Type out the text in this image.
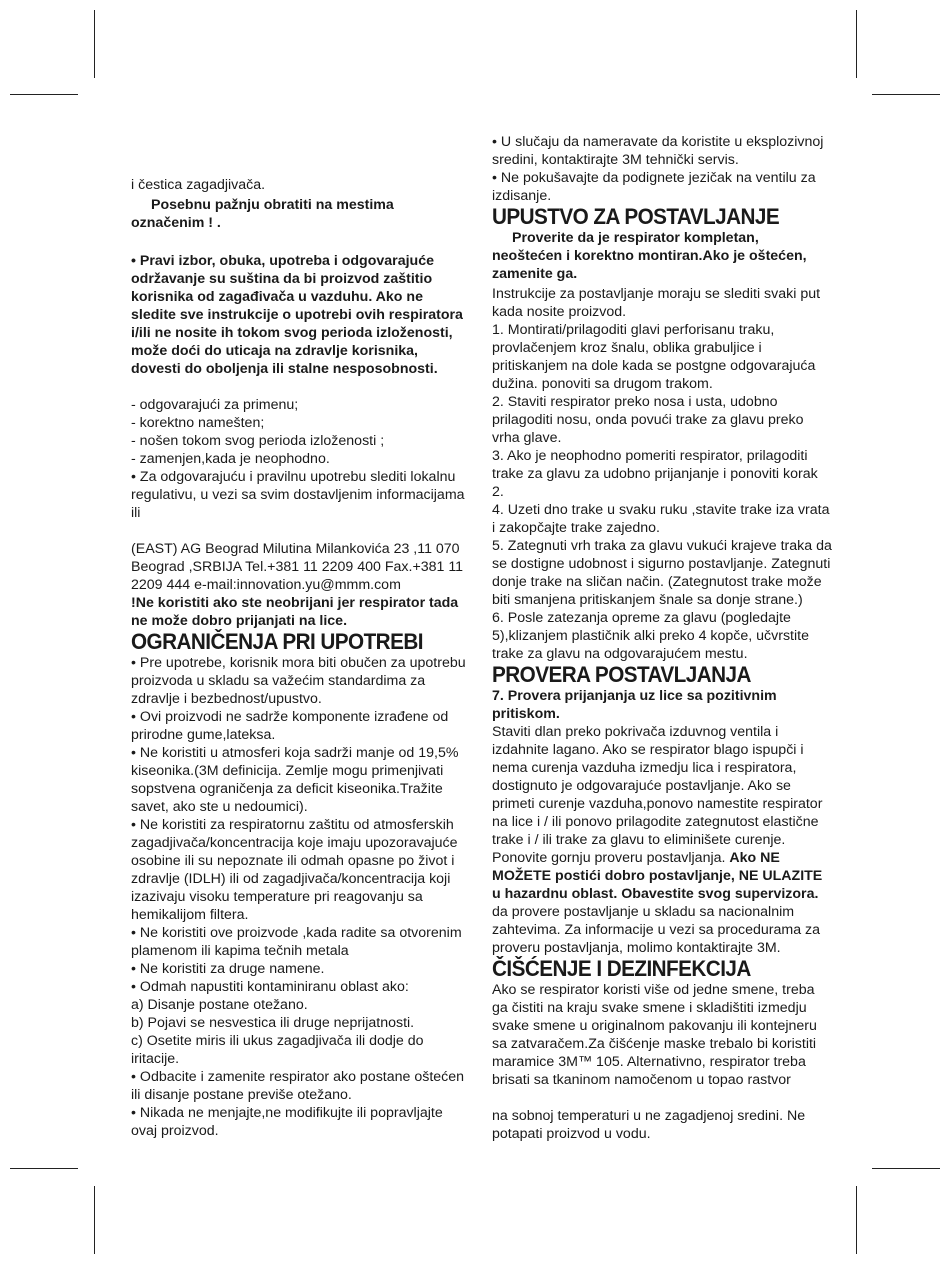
i čestica zagadjivača.

Posebnu pažnju obratiti na mestima označenim ! .

• Pravi izbor, obuka, upotreba i odgovarajuće održavanje su suština da bi proizvod zaštitio korisnika od zagađivača u vazduhu. Ako ne sledite sve instrukcije o upotrebi ovih respiratora i/ili ne nosite ih tokom svog perioda izloženosti, može doći do uticaja na zdravlje korisnika, dovesti do oboljenja ili stalne nesposobnosti.

- odgovarajući za primenu;

- korektno namešten;

- nošen tokom svog perioda izloženosti ;

- zamenjen,kada je neophodno.

• Za odgovarajuću i pravilnu upotrebu slediti lokalnu regulativu, u vezi sa svim dostavljenim informacijama ili

(EAST) AG Beograd Milutina Milankovića 23 ,11 070 Beograd ,SRBIJA Tel.+381 11 2209 400 Fax.+381 11 2209 444 e-mail:innovation.yu@mmm.com

!Ne koristiti ako ste neobrijani jer respirator tada ne može dobro prijanjati na lice.

OGRANIČENJA PRI UPOTREBI

• Pre upotrebe, korisnik mora biti obučen za upotrebu proizvoda u skladu sa važećim standardima za zdravlje i bezbednost/upustvo.

• Ovi proizvodi ne sadrže komponente izrađene od prirodne gume,lateksa.

• Ne koristiti u atmosferi koja sadrži manje od 19,5% kiseonika.(3M definicija. Zemlje mogu primenjivati sopstvena ograničenja za deficit kiseonika.Tražite savet, ako ste u nedoumici).

• Ne koristiti za respiratornu zaštitu od atmosferskih zagadjivača/koncentracija koje imaju upozoravajuće osobine ili su nepoznate ili odmah opasne po život i zdravlje (IDLH) ili od zagadjivača/koncentracija koji izazivaju visoku temperature pri reagovanju sa hemikalijom filtera.

• Ne koristiti ove proizvode ,kada radite sa otvorenim plamenom ili kapima tečnih metala

• Ne koristiti za druge namene.

• Odmah napustiti kontaminiranu oblast ako:

a) Disanje postane otežano.

b) Pojavi se nesvestica ili druge neprijatnosti.

c) Osetite miris ili ukus zagadjivača ili dodje do iritacije.

• Odbacite i zamenite respirator ako postane oštećen ili disanje postane previše otežano.

• Nikada ne menjajte,ne modifikujte ili popravljajte ovaj proizvod.

• U slučaju da nameravate da koristite u eksplozivnoj sredini, kontaktirajte 3M tehnički servis.

• Ne pokušavajte da podignete jezičak na ventilu za izdisanje.

UPUSTVO ZA POSTAVLJANJE

Proverite da je respirator kompletan, neoštećen i korektno montiran.Ako je oštećen, zamenite ga.

Instrukcije za postavljanje moraju se slediti svaki put kada nosite proizvod.

1. Montirati/prilagoditi glavi perforisanu traku, provlačenjem kroz šnalu, oblika grabuljice i pritiskanjem na dole kada se postgne odgovarajuća dužina. ponoviti sa drugom trakom.

2. Staviti respirator preko nosa i usta, udobno prilagoditi nosu, onda povući trake za glavu preko vrha glave.

3. Ako je neophodno pomeriti respirator, prilagoditi trake za glavu za udobno prijanjanje i ponoviti korak 2.

4. Uzeti dno trake u svaku ruku ,stavite trake iza vrata i zakopčajte trake zajedno.

5. Zategnuti vrh traka za glavu vukući krajeve traka da se dostigne udobnost i sigurno postavljanje. Zategnuti donje trake na sličan način. (Zategnutost trake može biti smanjena pritiskanjem šnale sa donje strane.)

6. Posle zatezanja opreme za glavu (pogledajte 5),klizanjem plastičnik alki preko 4 kopče, učvrstite trake za glavu na odgovarajućem mestu.

PROVERA POSTAVLJANJA

7. Provera prijanjanja uz lice sa pozitivnim pritiskom.

Staviti dlan preko pokrivača izduvnog ventila i izdahnite lagano. Ako se respirator blago ispupči i nema curenja vazduha izmedju lica i respiratora, dostignuto je odgovarajuće postavljanje. Ako se primeti curenje vazduha,ponovo namestite respirator na lice i / ili ponovo prilagodite zategnutost elastične trake i / ili trake za glavu to eliminišete curenje. Ponovite gornju proveru postavljanja. Ako NE MOŽETE postići dobro postavljanje, NE ULAZITE u hazardnu oblast. Obavestite svog supervizora.

da provere postavljanje u skladu sa nacionalnim zahtevima. Za informacije u vezi sa procedurama za proveru postavljanja, molimo kontaktirajte 3M.

ČIŠĆENJE I DEZINFEKCIJA

Ako se respirator koristi više od jedne smene, treba ga čistiti na kraju svake smene i skladištiti izmedju svake smene u originalnom pakovanju ili kontejneru sa zatvaračem.Za čišćenje maske trebalo bi koristiti maramice 3M™ 105. Alternativno, respirator treba brisati sa tkaninom namočenom u topao rastvor

na sobnoj temperaturi u ne zagadjenoj sredini. Ne potapati proizvod u vodu.
